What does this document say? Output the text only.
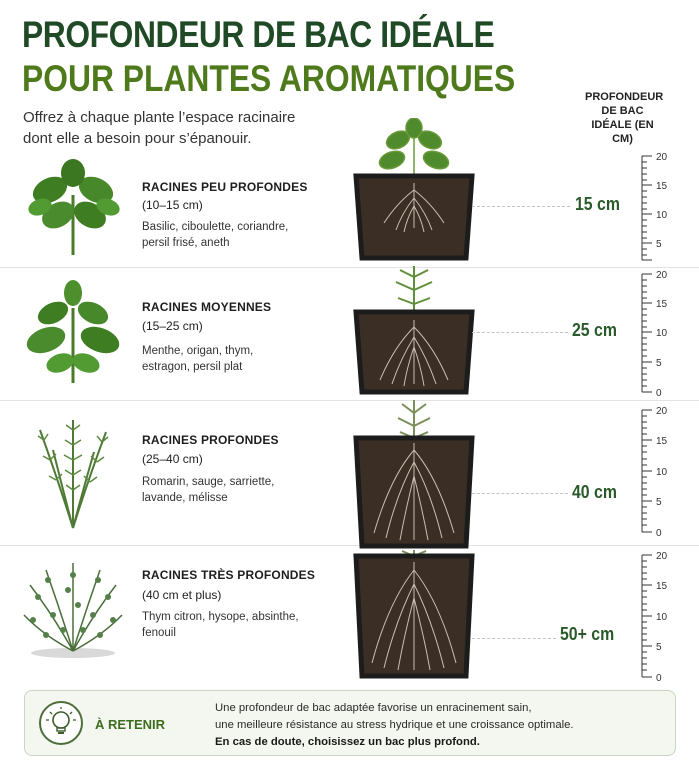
PROFONDEUR DE BAC IDÉALE
POUR PLANTES AROMATIQUES
Offrez à chaque plante l’espace racinaire dont elle a besoin pour s’épanouir.
PROFONDEUR DE BAC IDÉALE (EN CM)
RACINES PEU PROFONDES
(10–15 cm)
Basilic, ciboulette, coriandre, persil frisé, aneth
15 cm
20
15
10
5
RACINES MOYENNES
(15–25 cm)
Menthe, origan, thym, estragon, persil plat
25 cm
20
15
10
5
0
RACINES PROFONDES
(25–40 cm)
Romarin, sauge, sarriette, lavande, mélisse	40 cm
20
15
10
5
0
RACINES TRÈS PROFONDES
(40 cm et plus)
Thym citron, hysope, absinthe, fenouil	50+ cm
20
15
10
5
0
À RETENIR
Une profondeur de bac adaptée favorise un enracinement sain,
une meilleure résistance au stress hydrique et une croissance optimale.
En cas de doute, choisissez un bac plus profond.
